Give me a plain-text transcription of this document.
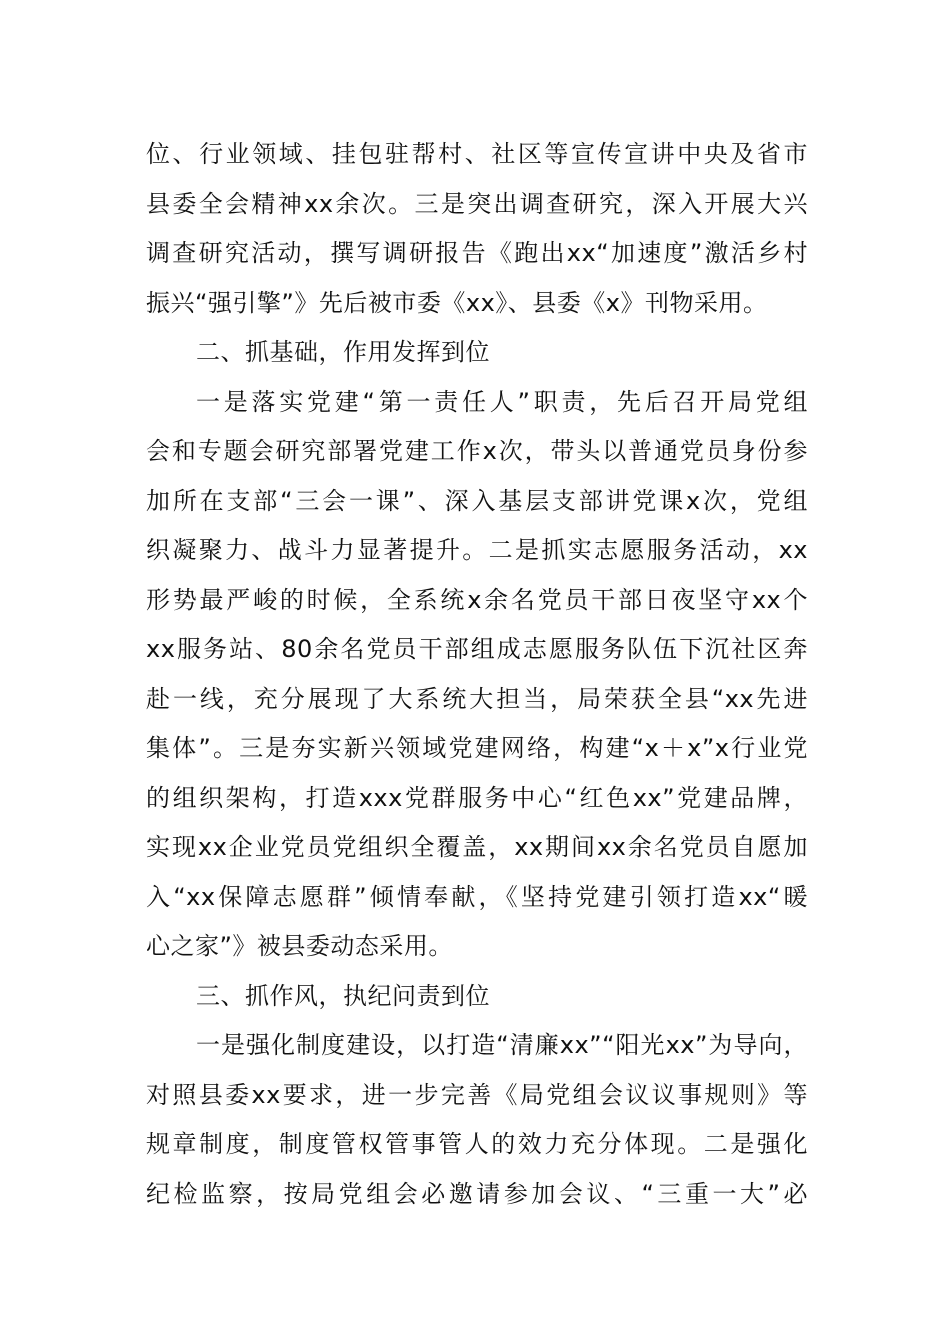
位、行业领域、挂包驻帮村、社区等宣传宣讲中央及省市
县委全会精神xx余次。三是突出调查研究，深入开展大兴
调查研究活动，撰写调研报告《跑出xx“加速度”激活乡村
振兴“强引擎”》先后被市委《xx》、县委《x》刊物采用。
二、抓基础，作用发挥到位
一是落实党建“第一责任人”职责，先后召开局党组
会和专题会研究部署党建工作x次，带头以普通党员身份参
加所在支部“三会一课”、深入基层支部讲党课x次，党组
织凝聚力、战斗力显著提升。二是抓实志愿服务活动，xx
形势最严峻的时候，全系统x余名党员干部日夜坚守xx个
xx服务站、80余名党员干部组成志愿服务队伍下沉社区奔
赴一线，充分展现了大系统大担当，局荣获全县“xx先进
集体”。三是夯实新兴领域党建网络，构建“x＋x”x行业党
的组织架构，打造xxx党群服务中心“红色xx”党建品牌，
实现xx企业党员党组织全覆盖，xx期间xx余名党员自愿加
入“xx保障志愿群”倾情奉献，《坚持党建引领打造xx“暖
心之家”》被县委动态采用。
三、抓作风，执纪问责到位
一是强化制度建设，以打造“清廉xx”“阳光xx”为导向，
对照县委xx要求，进一步完善《局党组会议议事规则》等
规章制度，制度管权管事管人的效力充分体现。二是强化
纪检监察，按局党组会必邀请参加会议、“三重一大”必
